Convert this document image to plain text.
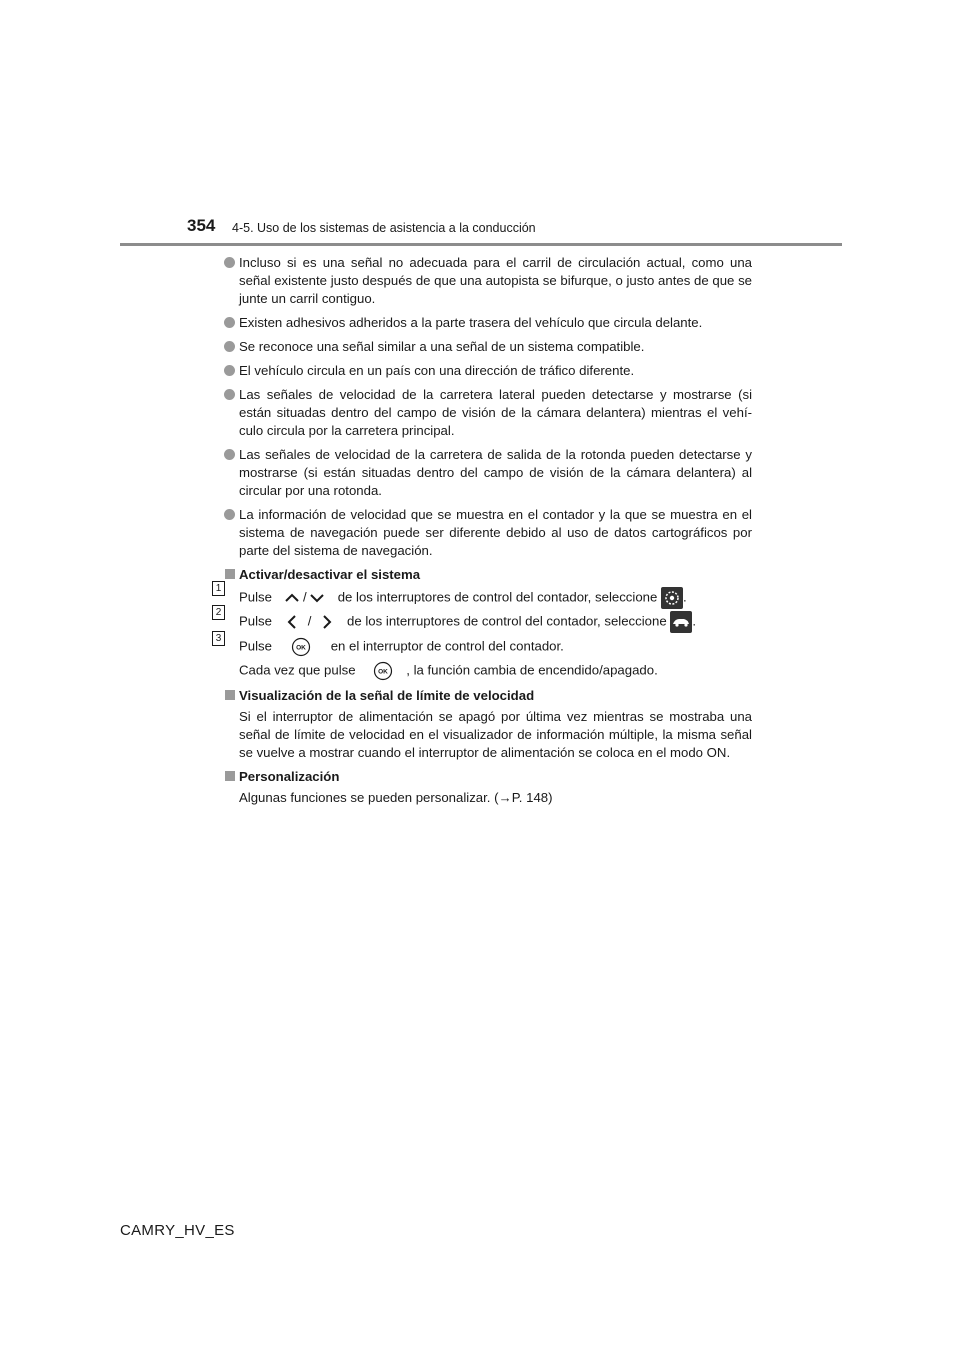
354 4-5. Uso de los sistemas de asistencia a la conducción
Incluso si es una señal no adecuada para el carril de circulación actual, como una señal existente justo después de que una autopista se bifurque, o justo antes de que se junte un carril contiguo.
Existen adhesivos adheridos a la parte trasera del vehículo que circula delante.
Se reconoce una señal similar a una señal de un sistema compatible.
El vehículo circula en un país con una dirección de tráfico diferente.
Las señales de velocidad de la carretera lateral pueden detectarse y mostrarse (si están situadas dentro del campo de visión de la cámara delantera) mientras el vehí-culo circula por la carretera principal.
Las señales de velocidad de la carretera de salida de la rotonda pueden detectarse y mostrarse (si están situadas dentro del campo de visión de la cámara delantera) al circular por una rotonda.
La información de velocidad que se muestra en el contador y la que se muestra en el sistema de navegación puede ser diferente debido al uso de datos cartográficos por parte del sistema de navegación.
Activar/desactivar el sistema
1
Pulse / de los interruptores de control del contador, seleccione .
2
Pulse	/	de los interruptores de control del contador, seleccione .
3 Pulse	OK en el interruptor de control del contador.
Cada vez que pulse	OK , la función cambia de encendido/apagado.
Visualización de la señal de límite de velocidad
Si el interruptor de alimentación se apagó por última vez mientras se mostraba una señal de límite de velocidad en el visualizador de información múltiple, la misma señal se vuelve a mostrar cuando el interruptor de alimentación se coloca en el modo ON.
Personalización
Algunas funciones se pueden personalizar. (→P. 148)
CAMRY_HV_ES
